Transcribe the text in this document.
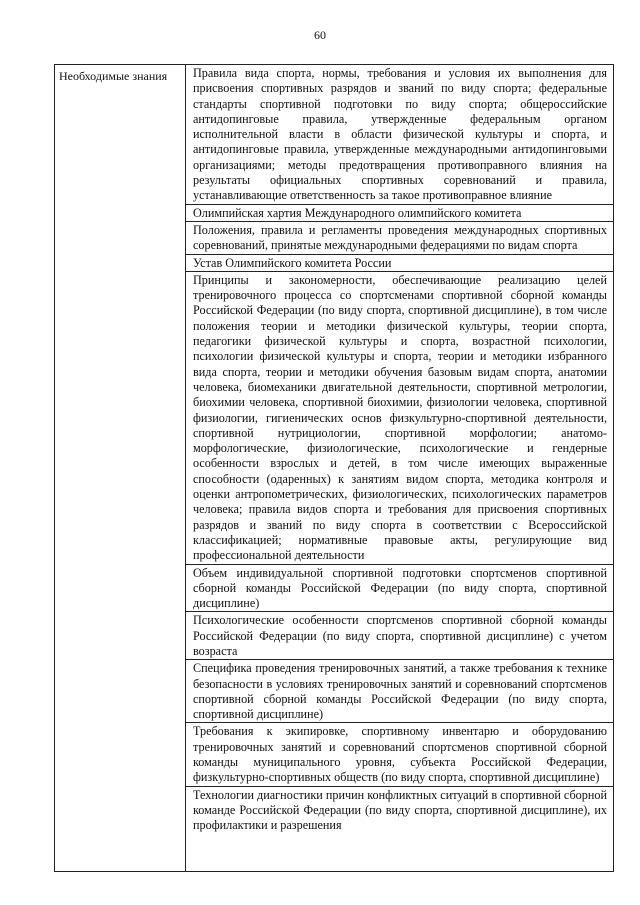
60
Необходимые знания	Правила вида спорта, нормы, требования и условия их выполнения для присвоения спортивных разрядов и званий по виду спорта; федеральные стандарты спортивной подготовки по виду спорта; общероссийские антидопинговые правила, утвержденные федеральным органом исполнительной власти в области физической культуры и спорта, и антидопинговые правила, утвержденные международными антидопинговыми организациями; методы предотвращения противоправного влияния на результаты официальных спортивных соревнований и правила, устанавливающие ответственность за такое противоправное влияние
Олимпийская хартия Международного олимпийского комитета
Положения, правила и регламенты проведения международных спортивных соревнований, принятые международными федерациями по видам спорта
Устав Олимпийского комитета России
Принципы и закономерности, обеспечивающие реализацию целей тренировочного процесса со спортсменами спортивной сборной команды Российской Федерации (по виду спорта, спортивной дисциплине), в том числе положения теории и методики физической культуры, теории спорта, педагогики физической культуры и спорта, возрастной психологии, психологии физической культуры и спорта, теории и методики избранного вида спорта, теории и методики обучения базовым видам спорта, анатомии человека, биомеханики двигательной деятельности, спортивной метрологии, биохимии человека, спортивной биохимии, физиологии человека, спортивной физиологии, гигиенических основ физкультурно-спортивной деятельности, спортивной нутрициологии, спортивной морфологии; анатомо-морфологические, физиологические, психологические и гендерные особенности взрослых и детей, в том числе имеющих выраженные способности (одаренных) к занятиям видом спорта, методика контроля и оценки антропометрических, физиологических, психологических параметров человека; правила видов спорта и требования для присвоения спортивных разрядов и званий по виду спорта в соответствии с Всероссийской классификацией; нормативные правовые акты, регулирующие вид профессиональной деятельности
Объем индивидуальной спортивной подготовки спортсменов спортивной сборной команды Российской Федерации (по виду спорта, спортивной дисциплине)
Психологические особенности спортсменов спортивной сборной команды Российской Федерации (по виду спорта, спортивной дисциплине) с учетом возраста
Специфика проведения тренировочных занятий, а также требования к технике безопасности в условиях тренировочных занятий и соревнований спортсменов спортивной сборной команды Российской Федерации (по виду спорта, спортивной дисциплине)
Требования к экипировке, спортивному инвентарю и оборудованию тренировочных занятий и соревнований спортсменов спортивной сборной команды муниципального уровня, субъекта Российской Федерации, физкультурно-спортивных обществ (по виду спорта, спортивной дисциплине)
Технологии диагностики причин конфликтных ситуаций в спортивной сборной команде Российской Федерации (по виду спорта, спортивной дисциплине), их профилактики и разрешения
